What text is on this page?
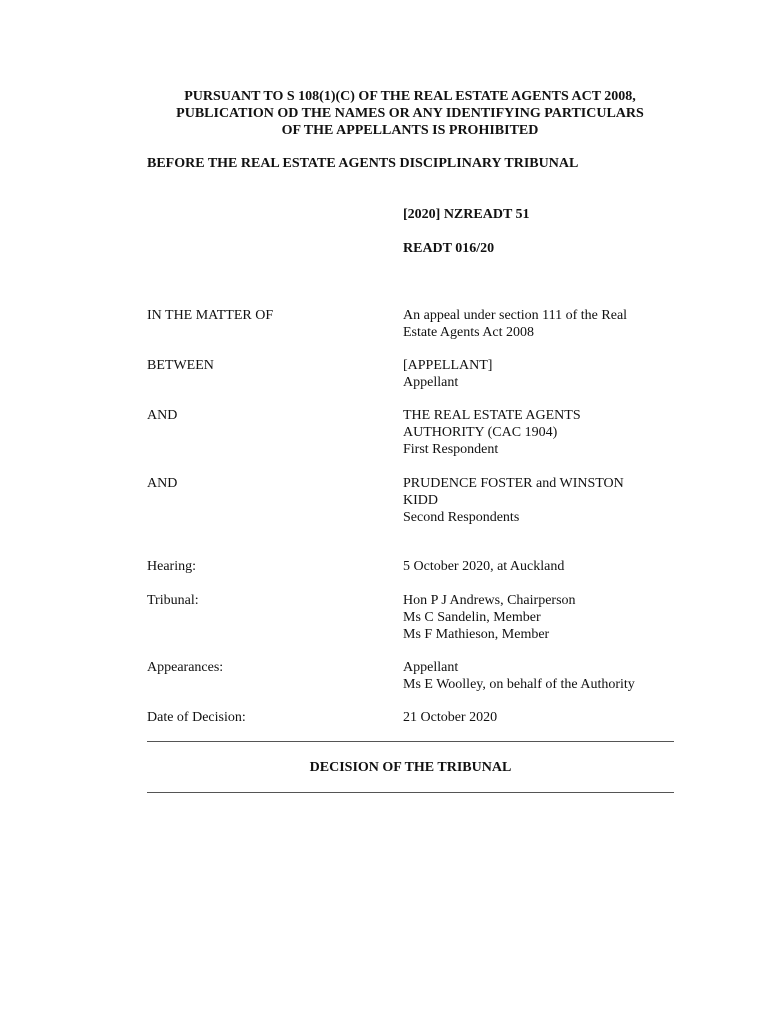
PURSUANT TO S 108(1)(C) OF THE REAL ESTATE AGENTS ACT 2008,
PUBLICATION OD THE NAMES OR ANY IDENTIFYING PARTICULARS
OF THE APPELLANTS IS PROHIBITED
BEFORE THE REAL ESTATE AGENTS DISCIPLINARY TRIBUNAL
[2020] NZREADT 51
READT 016/20
IN THE MATTER OF	An appeal under section 111 of the Real
Estate Agents Act 2008
BETWEEN	[APPELLANT]
Appellant
AND	THE REAL ESTATE AGENTS
AUTHORITY (CAC 1904)
First Respondent
AND	PRUDENCE FOSTER and WINSTON
KIDD
Second Respondents
Hearing:	5 October 2020, at Auckland
Tribunal:	Hon P J Andrews, Chairperson
Ms C Sandelin, Member
Ms F Mathieson, Member
Appearances:	Appellant
Ms E Woolley, on behalf of the Authority
Date of Decision:	21 October 2020
DECISION OF THE TRIBUNAL
